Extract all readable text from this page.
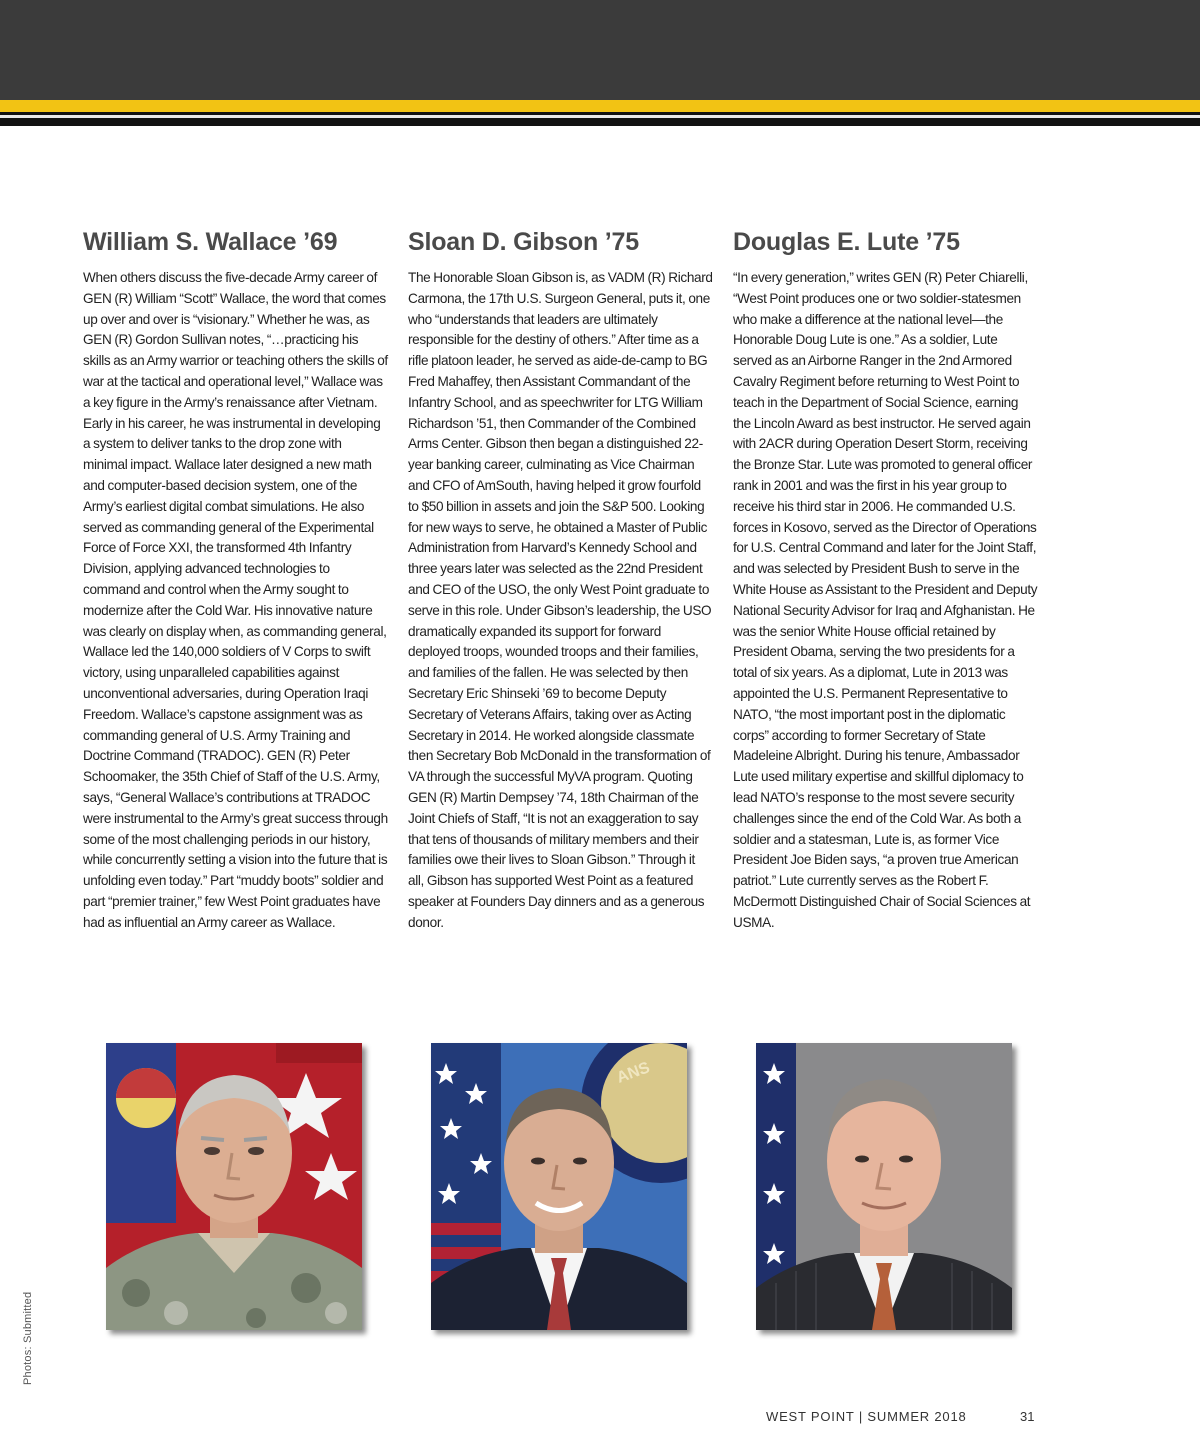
William S. Wallace ’69

When others discuss the five-decade Army career of GEN (R) William “Scott” Wallace, the word that comes up over and over is “visionary.” Whether he was, as GEN (R) Gordon Sullivan notes, “…practicing his skills as an Army warrior or teaching others the skills of war at the tactical and operational level,” Wallace was a key figure in the Army’s renaissance after Vietnam. Early in his career, he was instrumental in developing a system to deliver tanks to the drop zone with minimal impact. Wallace later designed a new math and computer-based decision system, one of the Army’s earliest digital combat simulations. He also served as commanding general of the Experimental Force of Force XXI, the transformed 4th Infantry Division, applying advanced technologies to command and control when the Army sought to modernize after the Cold War. His innovative nature was clearly on display when, as commanding general, Wallace led the 140,000 soldiers of V Corps to swift victory, using unparalleled capabilities against unconventional adversaries, during Operation Iraqi Freedom. Wallace’s capstone assignment was as commanding general of U.S. Army Training and Doctrine Command (TRADOC). GEN (R) Peter Schoomaker, the 35th Chief of Staff of the U.S. Army, says, “General Wallace’s contributions at TRADOC were instrumental to the Army’s great success through some of the most challenging periods in our history, while concurrently setting a vision into the future that is unfolding even today.” Part “muddy boots” soldier and part “premier trainer,” few West Point graduates have had as influential an Army career as Wallace.

Sloan D. Gibson ’75

The Honorable Sloan Gibson is, as VADM (R) Richard Carmona, the 17th U.S. Surgeon General, puts it, one who “understands that leaders are ultimately responsible for the destiny of others.” After time as a rifle platoon leader, he served as aide-de-camp to BG Fred Mahaffey, then Assistant Commandant of the Infantry School, and as speechwriter for LTG William Richardson ’51, then Commander of the Combined Arms Center. Gibson then began a distinguished 22-year banking career, culminating as Vice Chairman and CFO of AmSouth, having helped it grow fourfold to $50 billion in assets and join the S&P 500. Looking for new ways to serve, he obtained a Master of Public Administration from Harvard’s Kennedy School and three years later was selected as the 22nd President and CEO of the USO, the only West Point graduate to serve in this role. Under Gibson’s leadership, the USO dramatically expanded its support for forward deployed troops, wounded troops and their families, and families of the fallen. He was selected by then Secretary Eric Shinseki ’69 to become Deputy Secretary of Veterans Affairs, taking over as Acting Secretary in 2014. He worked alongside classmate then Secretary Bob McDonald in the transformation of VA through the successful MyVA program. Quoting GEN (R) Martin Dempsey ’74, 18th Chairman of the Joint Chiefs of Staff, “It is not an exaggeration to say that tens of thousands of military members and their families owe their lives to Sloan Gibson.” Through it all, Gibson has supported West Point as a featured speaker at Founders Day dinners and as a generous donor.

Douglas E. Lute ’75

“In every generation,” writes GEN (R) Peter Chiarelli, “West Point produces one or two soldier-statesmen who make a difference at the national level—the Honorable Doug Lute is one.” As a soldier, Lute served as an Airborne Ranger in the 2nd Armored Cavalry Regiment before returning to West Point to teach in the Department of Social Science, earning the Lincoln Award as best instructor. He served again with 2ACR during Operation Desert Storm, receiving the Bronze Star. Lute was promoted to general officer rank in 2001 and was the first in his year group to receive his third star in 2006. He commanded U.S. forces in Kosovo, served as the Director of Operations for U.S. Central Command and later for the Joint Staff, and was selected by President Bush to serve in the White House as Assistant to the President and Deputy National Security Advisor for Iraq and Afghanistan. He was the senior White House official retained by President Obama, serving the two presidents for a total of six years. As a diplomat, Lute in 2013 was appointed the U.S. Permanent Representative to NATO, “the most important post in the diplomatic corps” according to former Secretary of State Madeleine Albright. During his tenure, Ambassador Lute used military expertise and skillful diplomacy to lead NATO’s response to the most severe security challenges since the end of the Cold War. As both a soldier and a statesman, Lute is, as former Vice President Joe Biden says, “a proven true American patriot.” Lute currently serves as the Robert F. McDermott Distinguished Chair of Social Sciences at USMA.

ANS
Photos: Submitted
WEST POINT | SUMMER 2018	31
